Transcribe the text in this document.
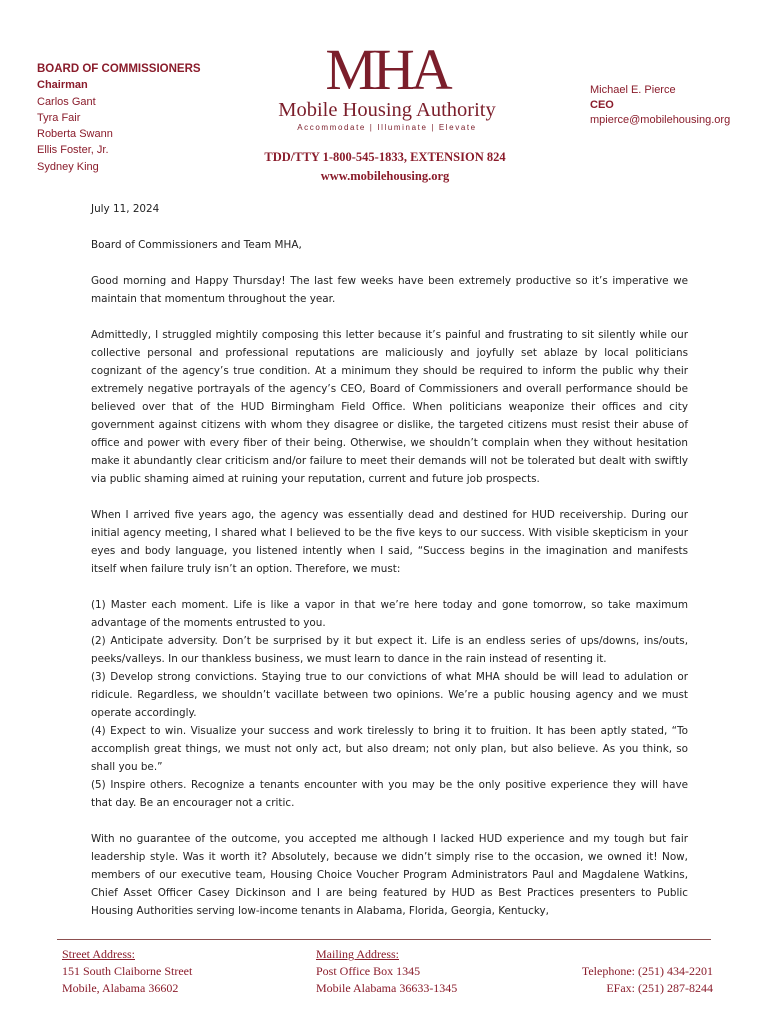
BOARD OF COMMISSIONERS
Chairman
Carlos Gant
Tyra Fair
Roberta Swann
Ellis Foster, Jr.
Sydney King
MHA
Mobile Housing Authority
Accommodate | Illuminate | Elevate
TDD/TTY 1-800-545-1833, EXTENSION 824
www.mobilehousing.org
Michael E. Pierce
CEO
mpierce@mobilehousing.org

July 11, 2024

Board of Commissioners and Team MHA,

Good morning and Happy Thursday! The last few weeks have been extremely productive so it’s imperative we maintain that momentum throughout the year.

Admittedly, I struggled mightily composing this letter because it’s painful and frustrating to sit silently while our collective personal and professional reputations are maliciously and joyfully set ablaze by local politicians cognizant of the agency’s true condition. At a minimum they should be required to inform the public why their extremely negative portrayals of the agency’s CEO, Board of Commissioners and overall performance should be believed over that of the HUD Birmingham Field Office. When politicians weaponize their offices and city government against citizens with whom they disagree or dislike, the targeted citizens must resist their abuse of office and power with every fiber of their being. Otherwise, we shouldn’t complain when they without hesitation make it abundantly clear criticism and/or failure to meet their demands will not be tolerated but dealt with swiftly via public shaming aimed at ruining your reputation, current and future job prospects.

When I arrived five years ago, the agency was essentially dead and destined for HUD receivership. During our initial agency meeting, I shared what I believed to be the five keys to our success. With visible skepticism in your eyes and body language, you listened intently when I said, “Success begins in the imagination and manifests itself when failure truly isn’t an option. Therefore, we must:

(1) Master each moment. Life is like a vapor in that we’re here today and gone tomorrow, so take maximum advantage of the moments entrusted to you.
(2) Anticipate adversity. Don’t be surprised by it but expect it. Life is an endless series of ups/downs, ins/outs, peeks/valleys. In our thankless business, we must learn to dance in the rain instead of resenting it.
(3) Develop strong convictions. Staying true to our convictions of what MHA should be will lead to adulation or ridicule. Regardless, we shouldn’t vacillate between two opinions. We’re a public housing agency and we must operate accordingly.
(4) Expect to win. Visualize your success and work tirelessly to bring it to fruition. It has been aptly stated, “To accomplish great things, we must not only act, but also dream; not only plan, but also believe. As you think, so shall you be.”
(5) Inspire others. Recognize a tenants encounter with you may be the only positive experience they will have that day. Be an encourager not a critic.

With no guarantee of the outcome, you accepted me although I lacked HUD experience and my tough but fair leadership style. Was it worth it? Absolutely, because we didn’t simply rise to the occasion, we owned it! Now, members of our executive team, Housing Choice Voucher Program Administrators Paul and Magdalene Watkins, Chief Asset Officer Casey Dickinson and I are being featured by HUD as Best Practices presenters to Public Housing Authorities serving low-income tenants in Alabama, Florida, Georgia, Kentucky,

Street Address:
151 South Claiborne Street
Mobile, Alabama 36602
Mailing Address:
Post Office Box 1345
Mobile Alabama 36633-1345
Telephone: (251) 434-2201
EFax: (251) 287-8244
